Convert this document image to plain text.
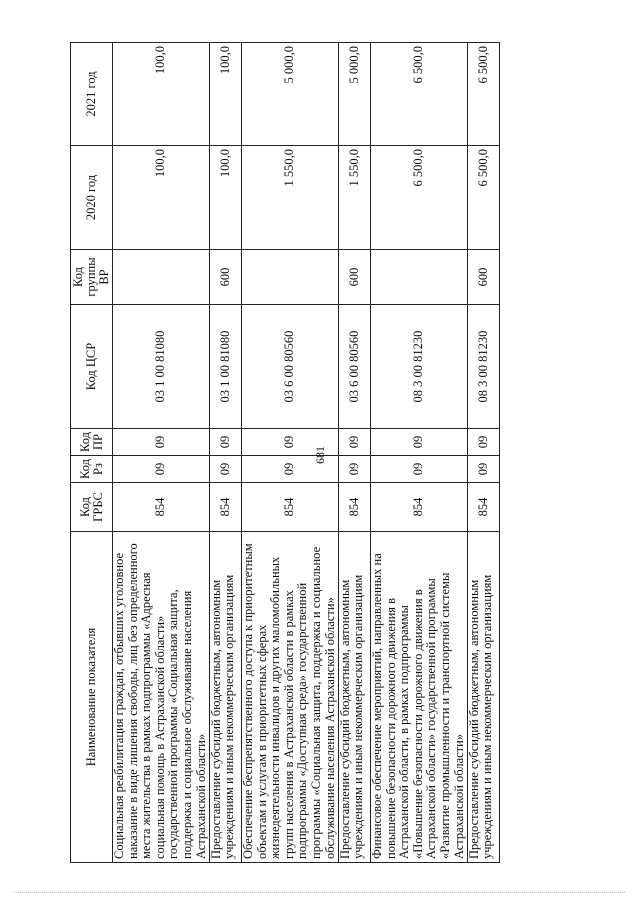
681
Наименование показателя	Код ГРБС	Код Рз	Код ПР	Код ЦСР	Код группы ВР	2020 год	2021 год
Социальная реабилитация граждан, отбывших уголовное наказание в виде лишения свободы, лиц без определенного места жительства в рамках подпрограммы «Адресная социальная помощь в Астраханской области» государственной программы «Социальная защита, поддержка и социальное обслуживание населения Астраханской области»	854	09	09	03 1 00 81080		100,0	100,0
Предоставление субсидий бюджетным, автономным учреждениям и иным некоммерческим организациям	854	09	09	03 1 00 81080	600	100,0	100,0
Обеспечение беспрепятственного доступа к приоритетным объектам и услугам в приоритетных сферах жизнедеятельности инвалидов и других маломобильных групп населения в Астраханской области в рамках подпрограммы «Доступная среда» государственной программы «Социальная защита, поддержка и социальное обслуживание населения Астраханской области»	854	09	09	03 6 00 80560		1 550,0	5 000,0
Предоставление субсидий бюджетным, автономным учреждениям и иным некоммерческим организациям	854	09	09	03 6 00 80560	600	1 550,0	5 000,0
Финансовое обеспечение мероприятий, направленных на повышение безопасности дорожного движения в Астраханской области, в рамках подпрограммы «Повышение безопасности дорожного движения в Астраханской области» государственной программы «Развитие промышленности и транспортной системы Астраханской области»	854	09	09	08 3 00 81230		6 500,0	6 500,0
Предоставление субсидий бюджетным, автономным учреждениям и иным некоммерческим организациям	854	09	09	08 3 00 81230	600	6 500,0	6 500,0
